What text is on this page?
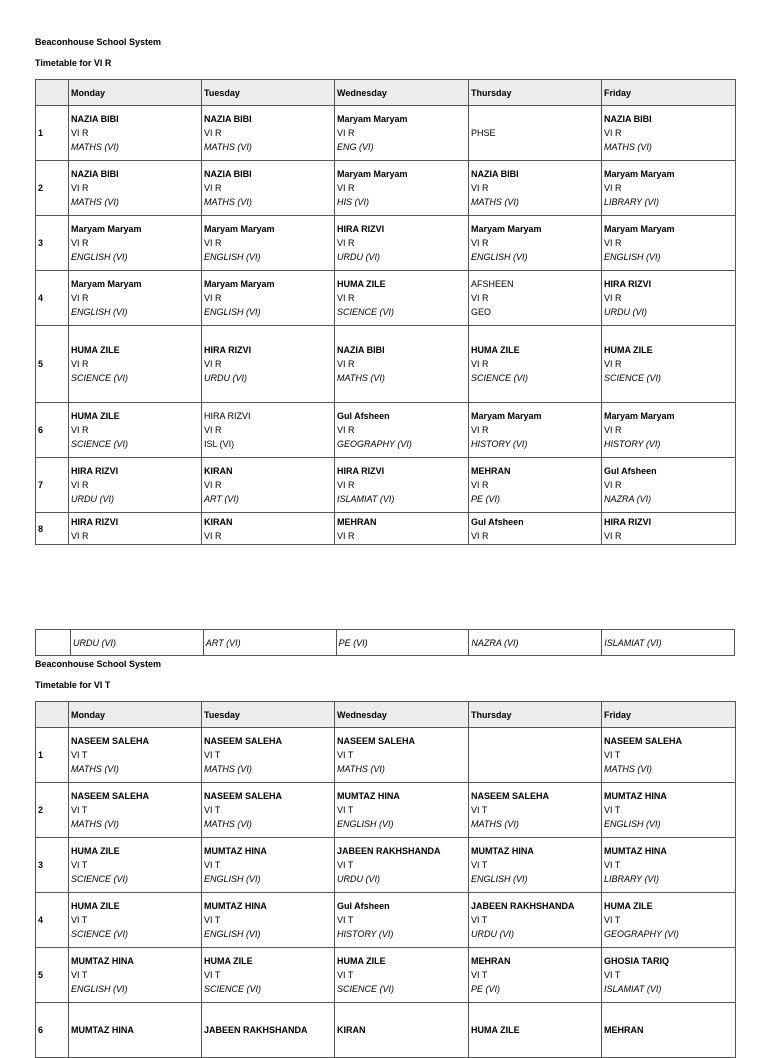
Beaconhouse School System
Timetable for VI R
	Monday	Tuesday	Wednesday	Thursday	Friday
1	NAZIA BIBI
VI R
MATHS (VI)	NAZIA BIBI
VI R
MATHS (VI)	Maryam Maryam
VI R
ENG (VI)	PHSE	NAZIA BIBI
VI R
MATHS (VI)

2	NAZIA BIBI
VI R
MATHS (VI)	NAZIA BIBI
VI R
MATHS (VI)	Maryam Maryam
VI R
HIS (VI)	NAZIA BIBI
VI R
MATHS (VI)	Maryam Maryam
VI R
LIBRARY (VI)

3	Maryam Maryam
VI R
ENGLISH (VI)	Maryam Maryam
VI R
ENGLISH (VI)	HIRA RIZVI
VI R
URDU (VI)	Maryam Maryam
VI R
ENGLISH (VI)	Maryam Maryam
VI R
ENGLISH (VI)

4	Maryam Maryam
VI R
ENGLISH (VI)	Maryam Maryam
VI R
ENGLISH (VI)	HUMA ZILE
VI R
SCIENCE (VI)	AFSHEEN
VI R
GEO	HIRA RIZVI
VI R
URDU (VI)

5	HUMA ZILE
VI R
SCIENCE (VI)	HIRA RIZVI
VI R
URDU (VI)	NAZIA BIBI
VI R
MATHS (VI)	HUMA ZILE
VI R
SCIENCE (VI)	HUMA ZILE
VI R
SCIENCE (VI)

6	HUMA ZILE
VI R
SCIENCE (VI)	HIRA RIZVI
VI R
ISL (VI)	Gul Afsheen
VI R
GEOGRAPHY (VI)	Maryam Maryam
VI R
HISTORY (VI)	Maryam Maryam
VI R
HISTORY (VI)

7	HIRA RIZVI
VI R
URDU (VI)	KIRAN
VI R
ART (VI)	HIRA RIZVI
VI R
ISLAMIAT (VI)	MEHRAN
VI R
PE (VI)	Gul Afsheen
VI R
NAZRA (VI)

8	HIRA RIZVI
VI R	KIRAN
VI R	MEHRAN
VI R	Gul Afsheen
VI R	HIRA RIZVI
VI R
	URDU (VI)	ART (VI)	PE (VI)	NAZRA (VI)	ISLAMIAT (VI)
Beaconhouse School System
Timetable for VI T
	Monday	Tuesday	Wednesday	Thursday	Friday
1	NASEEM SALEHA
VI T
MATHS (VI)	NASEEM SALEHA
VI T
MATHS (VI)	NASEEM SALEHA
VI T
MATHS (VI)		NASEEM SALEHA
VI T
MATHS (VI)

2	NASEEM SALEHA
VI T
MATHS (VI)	NASEEM SALEHA
VI T
MATHS (VI)	MUMTAZ HINA
VI T
ENGLISH (VI)	NASEEM SALEHA
VI T
MATHS (VI)	MUMTAZ HINA
VI T
ENGLISH (VI)

3	HUMA ZILE
VI T
SCIENCE (VI)	MUMTAZ HINA
VI T
ENGLISH (VI)	JABEEN RAKHSHANDA
VI T
URDU (VI)	MUMTAZ HINA
VI T
ENGLISH (VI)	MUMTAZ HINA
VI T
LIBRARY (VI)

4	HUMA ZILE
VI T
SCIENCE (VI)	MUMTAZ HINA
VI T
ENGLISH (VI)	Gul Afsheen
VI T
HISTORY (VI)	JABEEN RAKHSHANDA
VI T
URDU (VI)	HUMA ZILE
VI T
GEOGRAPHY (VI)

5	MUMTAZ HINA
VI T
ENGLISH (VI)	HUMA ZILE
VI T
SCIENCE (VI)	HUMA ZILE
VI T
SCIENCE (VI)	MEHRAN
VI T
PE (VI)	GHOSIA TARIQ
VI T
ISLAMIAT (VI)

6	MUMTAZ HINA	JABEEN RAKHSHANDA	KIRAN	HUMA ZILE	MEHRAN
